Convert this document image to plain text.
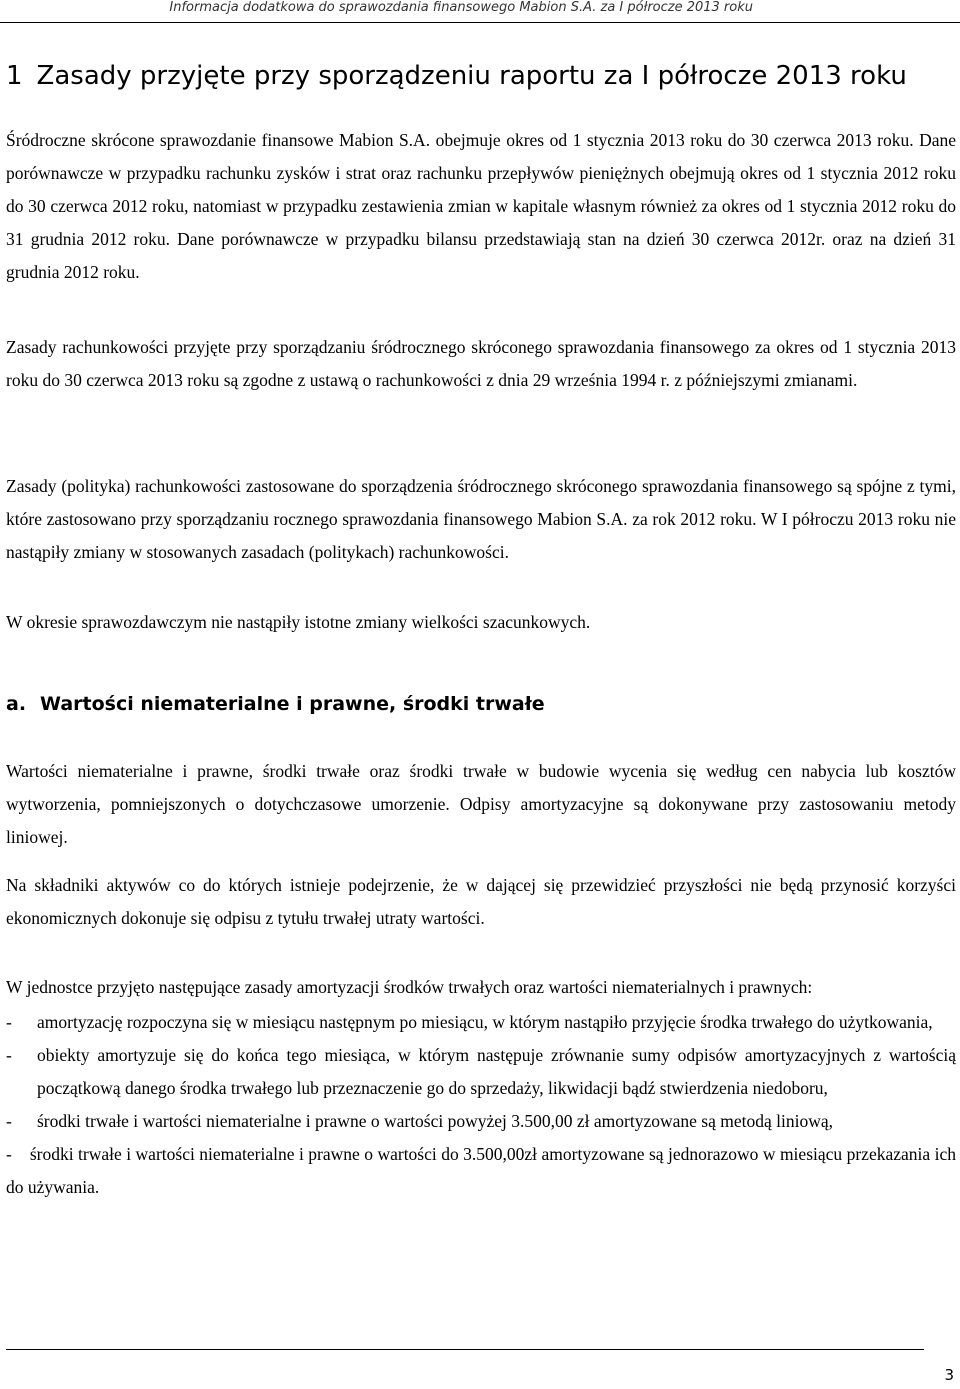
Informacja dodatkowa do sprawozdania finansowego Mabion S.A. za I półrocze 2013 roku
1 Zasady przyjęte przy sporządzeniu raportu za I półrocze 2013 roku
Śródroczne skrócone sprawozdanie finansowe Mabion S.A. obejmuje okres od 1 stycznia 2013 roku do 30 czerwca 2013 roku. Dane porównawcze w przypadku rachunku zysków i strat oraz rachunku przepływów pieniężnych obejmują okres od 1 stycznia 2012 roku do 30 czerwca 2012 roku, natomiast w przypadku zestawienia zmian w kapitale własnym również za okres od 1 stycznia 2012 roku do 31 grudnia 2012 roku. Dane porównawcze w przypadku bilansu przedstawiają stan na dzień 30 czerwca 2012r. oraz na dzień 31 grudnia 2012 roku.
Zasady rachunkowości przyjęte przy sporządzaniu śródrocznego skróconego sprawozdania finansowego za okres od 1 stycznia 2013 roku do 30 czerwca 2013 roku są zgodne z ustawą o rachunkowości z dnia 29 września 1994 r. z późniejszymi zmianami.
Zasady (polityka) rachunkowości zastosowane do sporządzenia śródrocznego skróconego sprawozdania finansowego są spójne z tymi, które zastosowano przy sporządzaniu rocznego sprawozdania finansowego Mabion S.A. za rok 2012 roku. W I półroczu 2013 roku nie nastąpiły zmiany w stosowanych zasadach (politykach) rachunkowości.
W okresie sprawozdawczym nie nastąpiły istotne zmiany wielkości szacunkowych.
a. Wartości niematerialne i prawne, środki trwałe
Wartości niematerialne i prawne, środki trwałe oraz środki trwałe w budowie wycenia się według cen nabycia lub kosztów wytworzenia, pomniejszonych o dotychczasowe umorzenie. Odpisy amortyzacyjne są dokonywane przy zastosowaniu metody liniowej.
Na składniki aktywów co do których istnieje podejrzenie, że w dającej się przewidzieć przyszłości nie będą przynosić korzyści ekonomicznych dokonuje się odpisu z tytułu trwałej utraty wartości.
W jednostce przyjęto następujące zasady amortyzacji środków trwałych oraz wartości niematerialnych i prawnych:
- amortyzację rozpoczyna się w miesiącu następnym po miesiącu, w którym nastąpiło przyjęcie środka trwałego do użytkowania,
- obiekty amortyzuje się do końca tego miesiąca, w którym następuje zrównanie sumy odpisów amortyzacyjnych z wartością początkową danego środka trwałego lub przeznaczenie go do sprzedaży, likwidacji bądź stwierdzenia niedoboru,
- środki trwałe i wartości niematerialne i prawne o wartości powyżej 3.500,00 zł amortyzowane są metodą liniową,
- środki trwałe i wartości niematerialne i prawne o wartości do 3.500,00zł amortyzowane są jednorazowo w miesiącu przekazania ich do używania.
3
